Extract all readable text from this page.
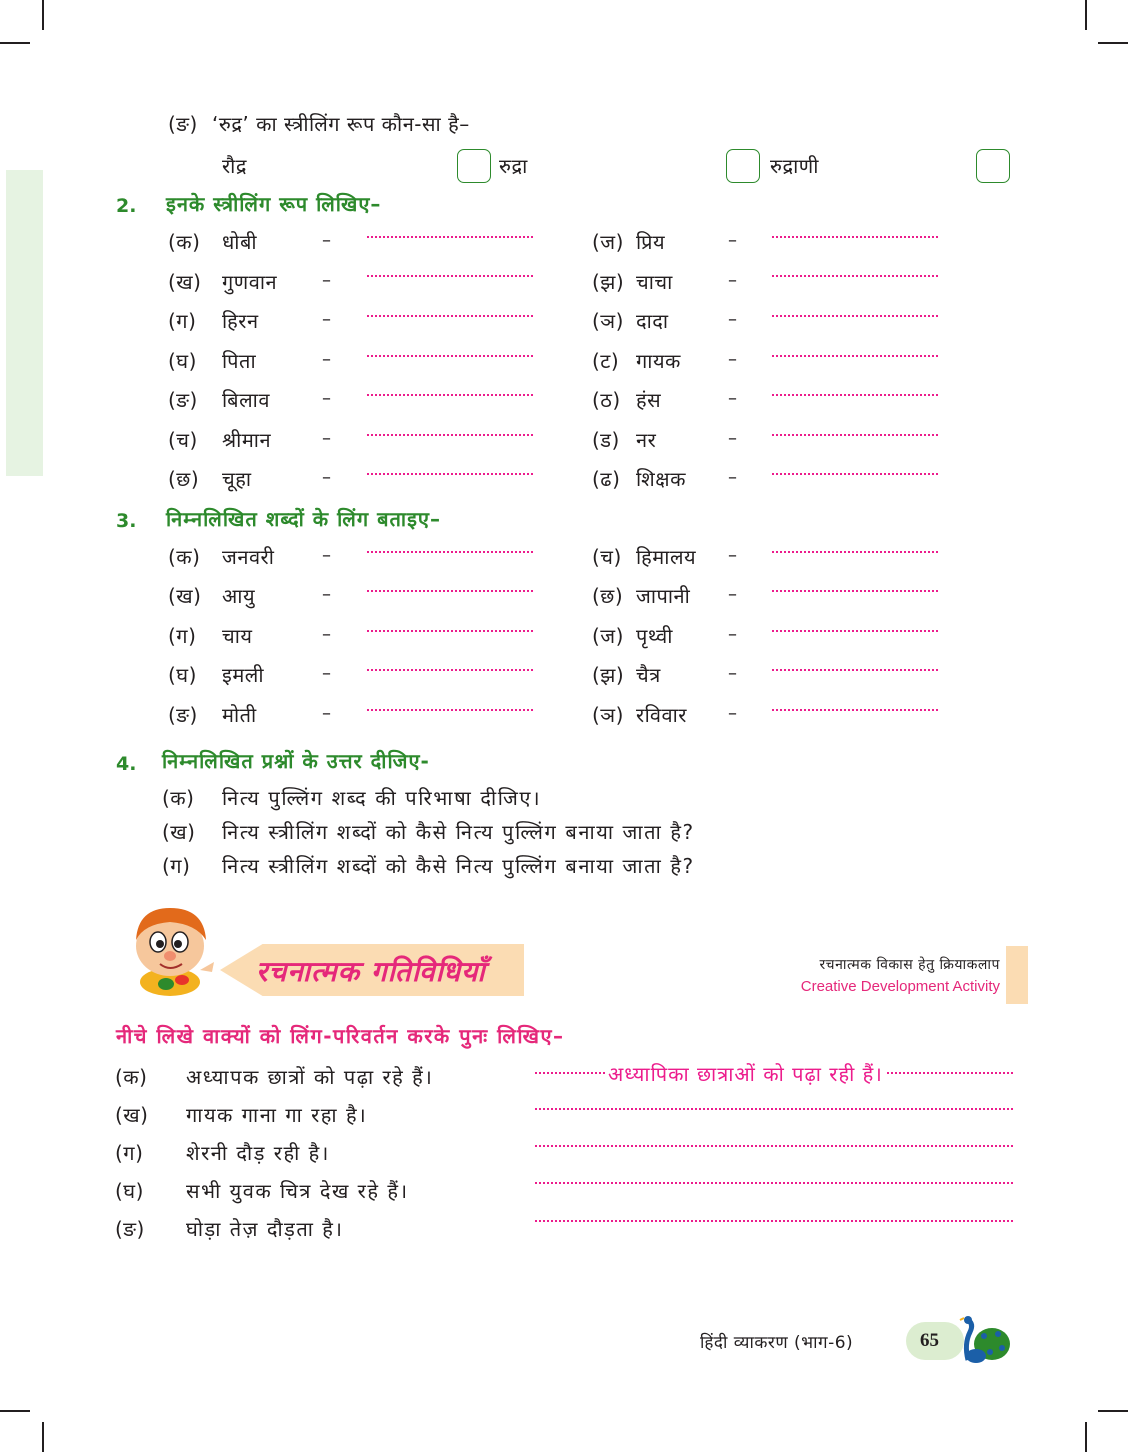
(ङ) ‘रुद्र’ का स्त्रीलिंग रूप कौन-सा है–
रौद्र	रुद्रा	रुद्राणी
2. इनके स्त्रीलिंग रूप लिखिए–
(क) धोबी	–
(ख) गुणवान –
(ग) हिरन	–
(घ) पिता	–
(ङ) बिलाव	–
(च) श्रीमान	–
(छ) चूहा	–
(ज) प्रिय	–
(झ) चाचा	–
(ञ) दादा	–
(ट) गायक	–
(ठ) हंस	–
(ड) नर	–
(ढ) शिक्षक –
3. निम्नलिखित शब्दों के लिंग बताइए–
(क) जनवरी	–
(ख) आयु	–
(ग) चाय	–
(घ) इमली	–
(ङ) मोती	–
(च) हिमालय –
(छ) जापानी –
(ज) पृथ्वी	–
(झ) चैत्र	–
(ञ) रविवार –
4. निम्नलिखित प्रश्नों के उत्तर दीजिए-
(क) नित्य पुल्लिंग शब्द की परिभाषा दीजिए।
(ख) नित्य स्त्रीलिंग शब्दों को कैसे नित्य पुल्लिंग बनाया जाता है?
(ग) नित्य स्त्रीलिंग शब्दों को कैसे नित्य पुल्लिंग बनाया जाता है?
रचनात्मक गतिविधियाँ	रचनात्मक विकास हेतु क्रियाकलाप
Creative Development Activity
नीचे लिखे वाक्यों को लिंग-परिवर्तन करके पुनः लिखिए–
(क) अध्यापक छात्रों को पढ़ा रहे हैं।	अध्यापिका छात्राओं को पढ़ा रही हैं।
(ख) गायक गाना गा रहा है।
(ग) शेरनी दौड़ रही है।
(घ) सभी युवक चित्र देख रहे हैं।
(ङ) घोड़ा तेज़ दौड़ता है।
हिंदी व्याकरण (भाग-6)	65
